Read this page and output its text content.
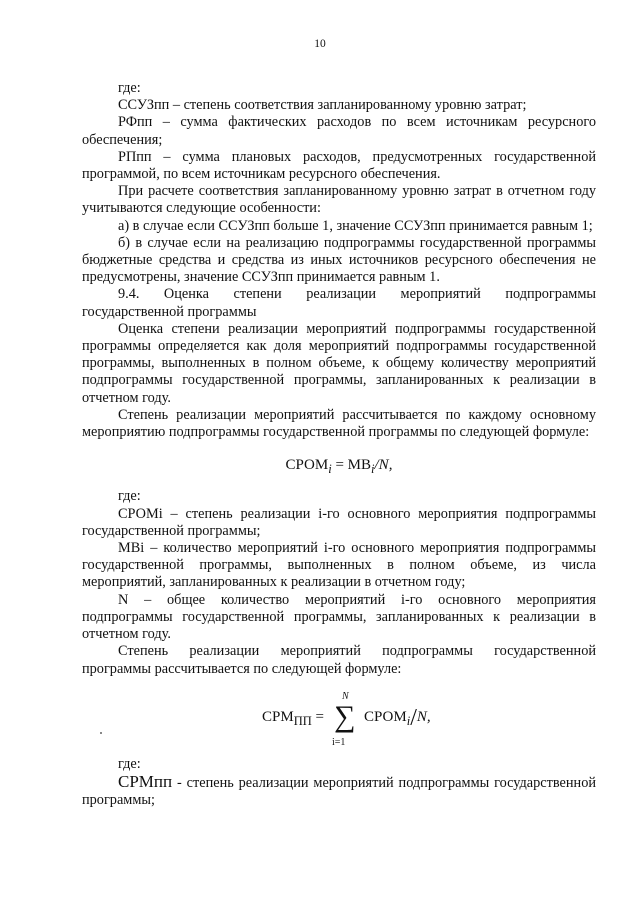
10

где:

ССУЗпп – степень соответствия запланированному уровню затрат;

РФпп – сумма фактических расходов по всем источникам ресурсного обеспечения;

РПпп – сумма плановых расходов, предусмотренных государственной программой, по всем источникам ресурсного обеспечения.

При расчете соответствия запланированному уровню затрат в отчетном году учитываются следующие особенности:

а) в случае если ССУЗпп больше 1, значение ССУЗпп принимается равным 1;

б) в случае если на реализацию подпрограммы государственной программы бюджетные средства и средства из иных источников ресурсного обеспечения не предусмотрены, значение ССУЗпп принимается равным 1.

9.4. Оценка степени реализации мероприятий подпрограммы государственной программы

Оценка степени реализации мероприятий подпрограммы государственной программы определяется как доля мероприятий подпрограммы государственной программы, выполненных в полном объеме, к общему количеству мероприятий подпрограммы государственной программы, запланированных к реализации в отчетном году.

Степень реализации мероприятий рассчитывается по каждому основному мероприятию подпрограммы государственной программы по следующей формуле:

$СРОМ_i = МВ_i/N$,

где:

СРОМi – степень реализации i-го основного мероприятия подпрограммы государственной программы;

МВi – количество мероприятий i-го основного мероприятия подпрограммы государственной программы, выполненных в полном объеме, из числа мероприятий, запланированных к реализации в отчетном году;

N – общее количество мероприятий i-го основного мероприятия подпрограммы государственной программы, запланированных к реализации в отчетном году.

Степень реализации мероприятий подпрограммы государственной программы рассчитывается по следующей формуле:

$СРМ_{ПП}$ =
N
∑
i=1
$СРОМ_i/N$,

где:

СРМпп - степень реализации мероприятий подпрограммы государственной программы;
